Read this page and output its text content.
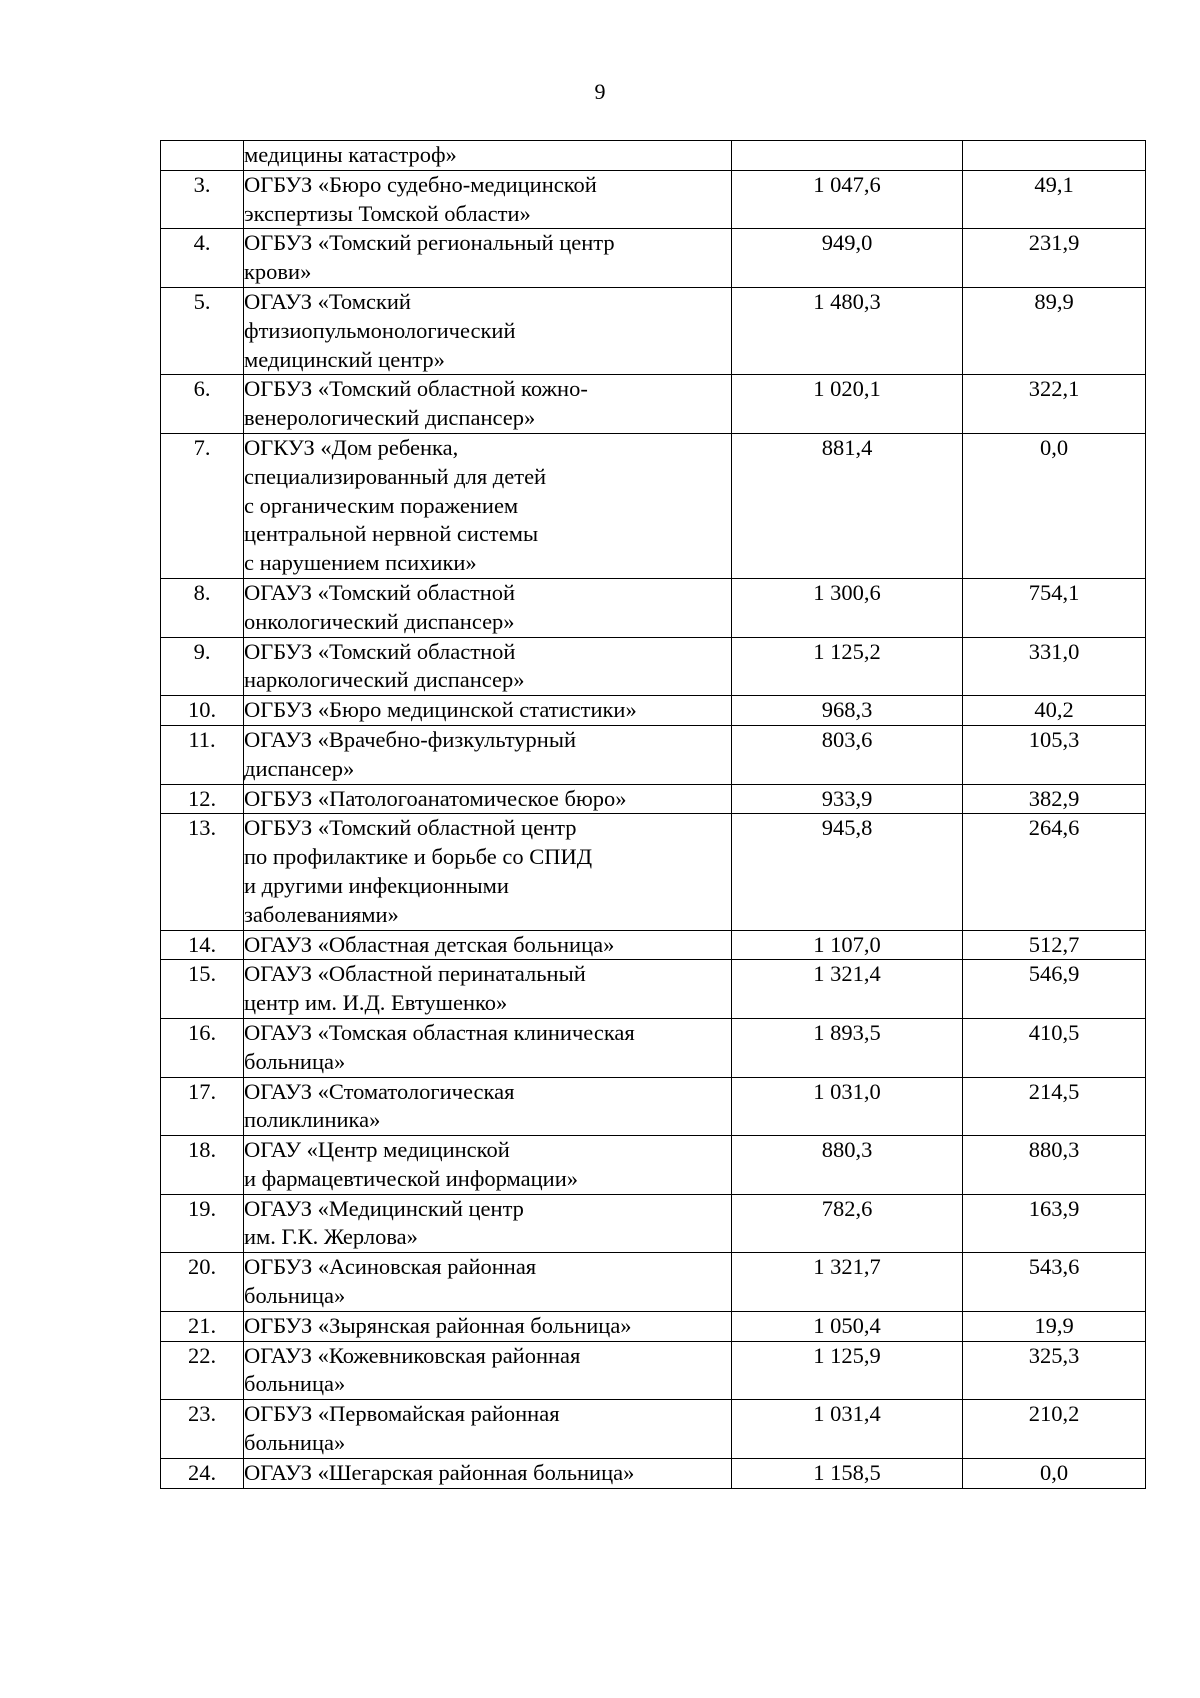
9

	медицины катастроф»		

3.	ОГБУЗ «Бюро судебно-медицинской
экспертизы Томской области»	1 047,6	49,1
4.	ОГБУЗ «Томский региональный центр
крови»	949,0	231,9
5.	ОГАУЗ «Томский
фтизиопульмонологический
медицинский центр»	1 480,3	89,9
6.	ОГБУЗ «Томский областной кожно-
венерологический диспансер»	1 020,1	322,1
7.	ОГКУЗ «Дом ребенка,
специализированный для детей
с органическим поражением
центральной нервной системы
с нарушением психики»	881,4	0,0
8.	ОГАУЗ «Томский областной
онкологический диспансер»	1 300,6	754,1
9.	ОГБУЗ «Томский областной
наркологический диспансер»	1 125,2	331,0
10.	ОГБУЗ «Бюро медицинской статистики»	968,3	40,2
11.	ОГАУЗ «Врачебно-физкультурный
диспансер»	803,6	105,3
12.	ОГБУЗ «Патологоанатомическое бюро»	933,9	382,9
13.	ОГБУЗ «Томский областной центр
по профилактике и борьбе со СПИД
и другими инфекционными
заболеваниями»	945,8	264,6
14.	ОГАУЗ «Областная детская больница»	1 107,0	512,7
15.	ОГАУЗ «Областной перинатальный
центр им. И.Д. Евтушенко»	1 321,4	546,9
16.	ОГАУЗ «Томская областная клиническая
больница»	1 893,5	410,5
17.	ОГАУЗ «Стоматологическая
поликлиника»	1 031,0	214,5
18.	ОГАУ «Центр медицинской
и фармацевтической информации»	880,3	880,3
19.	ОГАУЗ «Медицинский центр
им. Г.К. Жерлова»	782,6	163,9
20.	ОГБУЗ «Асиновская районная
больница»	1 321,7	543,6
21.	ОГБУЗ «Зырянская районная больница»	1 050,4	19,9
22.	ОГАУЗ «Кожевниковская районная
больница»	1 125,9	325,3
23.	ОГБУЗ «Первомайская районная
больница»	1 031,4	210,2
24.	ОГАУЗ «Шегарская районная больница»	1 158,5	0,0
